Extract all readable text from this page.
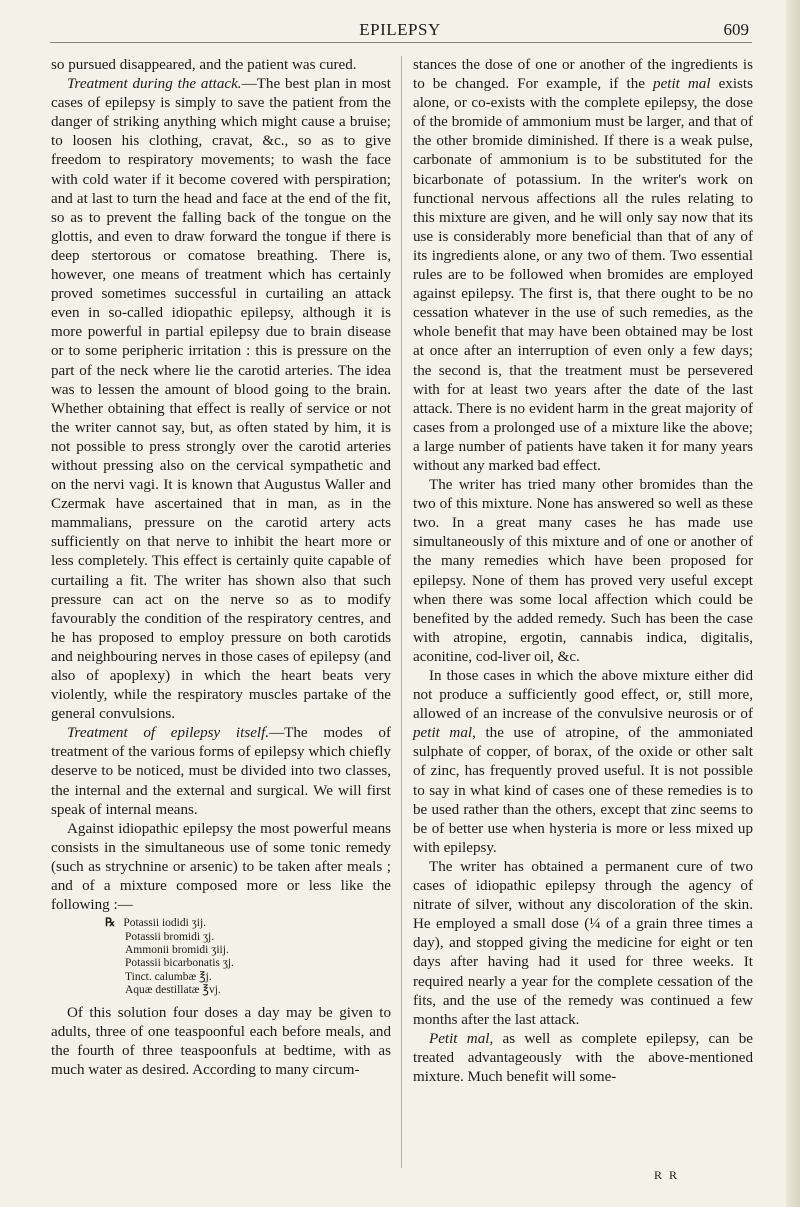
EPILEPSY	609

so pursued disappeared, and the patient was cured.

Treatment during the attack.—The best plan in most cases of epilepsy is simply to save the patient from the danger of striking anything which might cause a bruise; to loosen his clothing, cravat, &c., so as to give freedom to respiratory movements; to wash the face with cold water if it become covered with perspiration; and at last to turn the head and face at the end of the fit, so as to prevent the falling back of the tongue on the glottis, and even to draw forward the tongue if there is deep stertorous or comatose breathing. There is, however, one means of treatment which has certainly proved sometimes successful in curtailing an attack even in so-called idiopathic epilepsy, although it is more powerful in partial epilepsy due to brain disease or to some peripheric irritation : this is pressure on the part of the neck where lie the carotid arteries. The idea was to lessen the amount of blood going to the brain. Whether obtaining that effect is really of service or not the writer cannot say, but, as often stated by him, it is not possible to press strongly over the carotid arteries without pressing also on the cervical sympathetic and on the nervi vagi. It is known that Augustus Waller and Czermak have ascertained that in man, as in the mammalians, pressure on the carotid artery acts sufficiently on that nerve to inhibit the heart more or less completely. This effect is certainly quite capable of curtailing a fit. The writer has shown also that such pressure can act on the nerve so as to modify favourably the condition of the respiratory centres, and he has proposed to employ pressure on both carotids and neighbouring nerves in those cases of epilepsy (and also of apoplexy) in which the heart beats very violently, while the respiratory muscles partake of the general convulsions.

Treatment of epilepsy itself.—The modes of treatment of the various forms of epilepsy which chiefly deserve to be noticed, must be divided into two classes, the internal and the external and surgical. We will first speak of internal means.

Against idiopathic epilepsy the most powerful means consists in the simultaneous use of some tonic remedy (such as strychnine or arsenic) to be taken after meals ; and of a mixture composed more or less like the following :—

℞ Potassii iodidi ʒij.
Potassii bromidi ʒj.
Ammonii bromidi ʒiij.
Potassii bicarbonatis ʒj.
Tinct. calumbæ ℥j.
Aquæ destillatæ ℥vj.

Of this solution four doses a day may be given to adults, three of one teaspoonful each before meals, and the fourth of three teaspoonfuls at bedtime, with as much water as desired. According to many circum-

stances the dose of one or another of the ingredients is to be changed. For example, if the petit mal exists alone, or co-exists with the complete epilepsy, the dose of the bromide of ammonium must be larger, and that of the other bromide diminished. If there is a weak pulse, carbonate of ammonium is to be substituted for the bicarbonate of potassium. In the writer's work on functional nervous affections all the rules relating to this mixture are given, and he will only say now that its use is considerably more beneficial than that of any of its ingredients alone, or any two of them. Two essential rules are to be followed when bromides are employed against epilepsy. The first is, that there ought to be no cessation whatever in the use of such remedies, as the whole benefit that may have been obtained may be lost at once after an interruption of even only a few days; the second is, that the treatment must be persevered with for at least two years after the date of the last attack. There is no evident harm in the great majority of cases from a prolonged use of a mixture like the above; a large number of patients have taken it for many years without any marked bad effect.

The writer has tried many other bromides than the two of this mixture. None has answered so well as these two. In a great many cases he has made use simultaneously of this mixture and of one or another of the many remedies which have been proposed for epilepsy. None of them has proved very useful except when there was some local affection which could be benefited by the added remedy. Such has been the case with atropine, ergotin, cannabis indica, digitalis, aconitine, cod-liver oil, &c.

In those cases in which the above mixture either did not produce a sufficiently good effect, or, still more, allowed of an increase of the convulsive neurosis or of petit mal, the use of atropine, of the ammoniated sulphate of copper, of borax, of the oxide or other salt of zinc, has frequently proved useful. It is not possible to say in what kind of cases one of these remedies is to be used rather than the others, except that zinc seems to be of better use when hysteria is more or less mixed up with epilepsy.

The writer has obtained a permanent cure of two cases of idiopathic epilepsy through the agency of nitrate of silver, without any discoloration of the skin. He employed a small dose (¼ of a grain three times a day), and stopped giving the medicine for eight or ten days after having had it used for three weeks. It required nearly a year for the complete cessation of the fits, and the use of the remedy was continued a few months after the last attack.

Petit mal, as well as complete epilepsy, can be treated advantageously with the above-mentioned mixture. Much benefit will some-

R R
